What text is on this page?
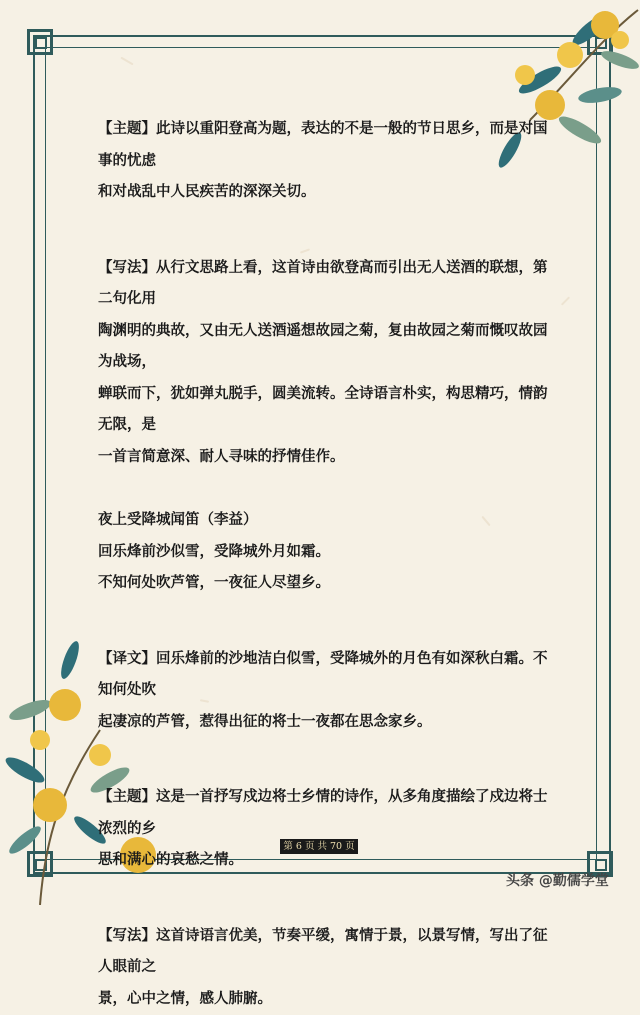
【主题】此诗以重阳登高为题，表达的不是一般的节日思乡，而是对国事的忧虑
和对战乱中人民疾苦的深深关切。
【写法】从行文思路上看，这首诗由欲登高而引出无人送酒的联想，第二句化用
陶渊明的典故，又由无人送酒遥想故园之菊，复由故园之菊而慨叹故园为战场，
蝉联而下，犹如弹丸脱手，圆美流转。全诗语言朴实，构思精巧，情韵无限，是
一首言简意深、耐人寻味的抒情佳作。
夜上受降城闻笛（李益）
回乐烽前沙似雪，受降城外月如霜。
不知何处吹芦管，一夜征人尽望乡。
【译文】回乐烽前的沙地洁白似雪，受降城外的月色有如深秋白霜。不知何处吹
起凄凉的芦管，惹得出征的将士一夜都在思念家乡。
【主题】这是一首抒写戍边将士乡情的诗作，从多角度描绘了戍边将士浓烈的乡
思和满心的哀愁之情。
【写法】这首诗语言优美，节奏平缓，寓情于景，以景写情，写出了征人眼前之
景，心中之情，感人肺腑。
第 6 页 共 70 页
头条 @勤儒学堂
